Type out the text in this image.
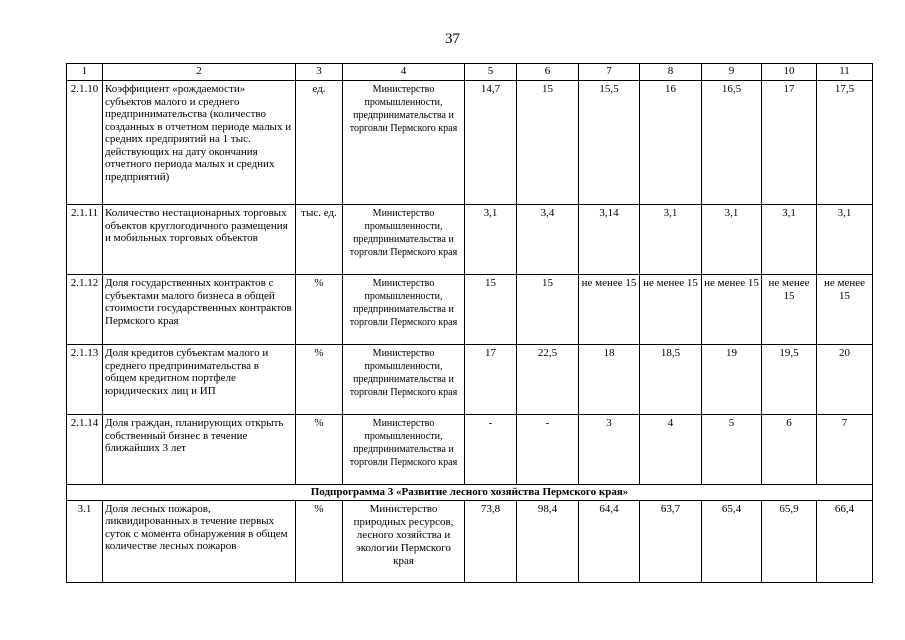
37
1	2	3	4	5	6	7	8	9	10	11
2.1.10	Коэффициент «рождаемости» субъектов малого и среднего предпринимательства (количество созданных в отчетном периоде малых и средних предприятий на 1 тыс. действующих на дату окончания отчетного периода малых и средних предприятий)	ед.	Министерство промышленности, предпринимательства и торговли Пермского края	14,7	15	15,5	16	16,5	17	17,5
2.1.11	Количество нестационарных торговых объектов круглогодичного размещения и мобильных торговых объектов	тыс. ед.	Министерство промышленности, предпринимательства и торговли Пермского края	3,1	3,4	3,14	3,1	3,1	3,1	3,1
2.1.12	Доля государственных контрактов с субъектами малого бизнеса в общей стоимости государственных контрактов Пермского края	%	Министерство промышленности, предпринимательства и торговли Пермского края	15	15	не менее 15	не менее 15	не менее 15	не менее 15	не менее 15
2.1.13	Доля кредитов субъектам малого и среднего предпринимательства в общем кредитном портфеле юридических лиц и ИП	%	Министерство промышленности, предпринимательства и торговли Пермского края	17	22,5	18	18,5	19	19,5	20
2.1.14	Доля граждан, планирующих открыть собственный бизнес в течение ближайших 3 лет	%	Министерство промышленности, предпринимательства и торговли Пермского края	-	-	3	4	5	6	7
Подпрограмма 3 «Развитие лесного хозяйства Пермского края»										
3.1	Доля лесных пожаров, ликвидированных в течение первых суток с момента обнаружения в общем количестве лесных пожаров	%	Министерство природных ресурсов, лесного хозяйства и экологии Пермского края	73,8	98,4	64,4	63,7	65,4	65,9	66,4
